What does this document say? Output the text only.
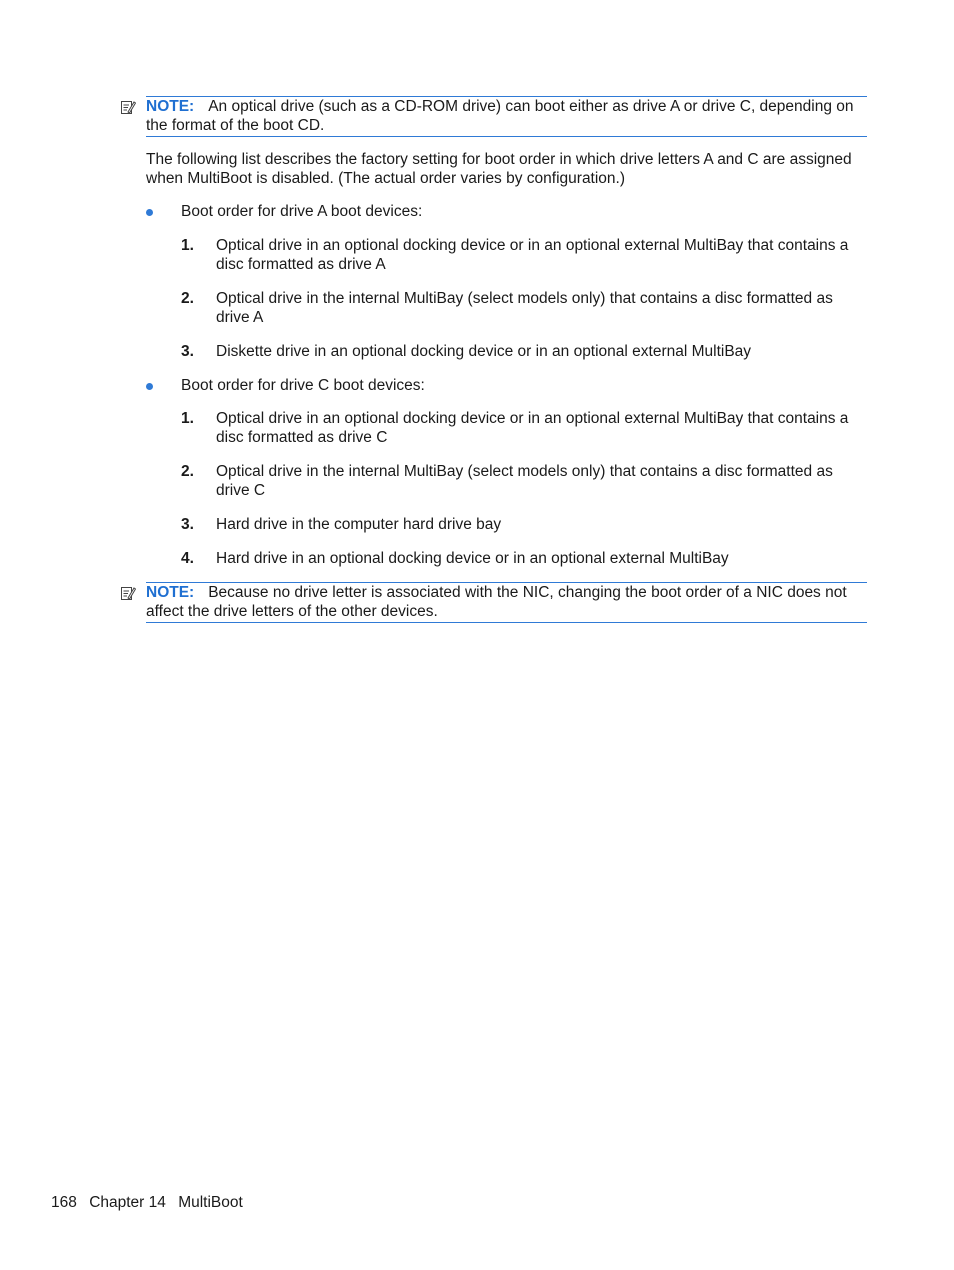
NOTE: An optical drive (such as a CD-ROM drive) can boot either as drive A or drive C, depending on the format of the boot CD.
The following list describes the factory setting for boot order in which drive letters A and C are assigned when MultiBoot is disabled. (The actual order varies by configuration.)
Boot order for drive A boot devices:
1. Optical drive in an optional docking device or in an optional external MultiBay that contains a disc formatted as drive A
2. Optical drive in the internal MultiBay (select models only) that contains a disc formatted as drive A
3. Diskette drive in an optional docking device or in an optional external MultiBay
Boot order for drive C boot devices:
1. Optical drive in an optional docking device or in an optional external MultiBay that contains a disc formatted as drive C
2. Optical drive in the internal MultiBay (select models only) that contains a disc formatted as drive C
3. Hard drive in the computer hard drive bay
4. Hard drive in an optional docking device or in an optional external MultiBay
NOTE: Because no drive letter is associated with the NIC, changing the boot order of a NIC does not affect the drive letters of the other devices.
168 Chapter 14 MultiBoot
